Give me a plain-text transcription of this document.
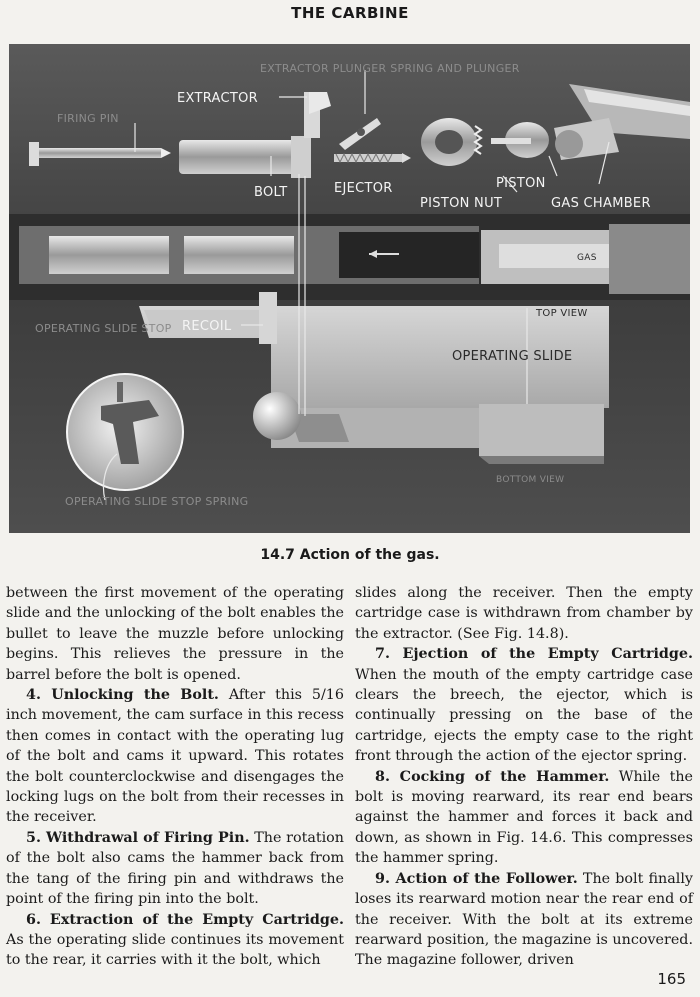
THE CARBINE
EXTRACTOR PLUNGER SPRING AND PLUNGER
EXTRACTOR
FIRING PIN
BOLT	EJECTOR	PISTON
PISTON NUT	GAS CHAMBER
GAS
RECOIL
OPERATING SLIDE STOP
TOP VIEW
OPERATING SLIDE
BOTTOM VIEW
OPERATING SLIDE STOP SPRING
14.7 Action of the gas.

between the first movement of the operating slide and the unlocking of the bolt enables the bullet to leave the muzzle before unlocking begins. This relieves the pressure in the barrel before the bolt is opened.

4. Unlocking the Bolt. After this 5/16 inch movement, the cam surface in this recess then comes in contact with the operating lug of the bolt and cams it upward. This rotates the bolt counterclockwise and disengages the locking lugs on the bolt from their recesses in the receiver.

5. Withdrawal of Firing Pin. The rotation of the bolt also cams the hammer back from the tang of the firing pin and withdraws the point of the firing pin into the bolt.

6. Extraction of the Empty Cartridge. As the operating slide continues its movement to the rear, it carries with it the bolt, which

slides along the receiver. Then the empty cartridge case is withdrawn from chamber by the extractor. (See Fig. 14.8).

7. Ejection of the Empty Cartridge. When the mouth of the empty cartridge case clears the breech, the ejector, which is continually pressing on the base of the cartridge, ejects the empty case to the right front through the action of the ejector spring.

8. Cocking of the Hammer. While the bolt is moving rearward, its rear end bears against the hammer and forces it back and down, as shown in Fig. 14.6. This compresses the hammer spring.

9. Action of the Follower. The bolt finally loses its rearward motion near the rear end of the receiver. With the bolt at its extreme rearward position, the magazine is uncovered. The magazine follower, driven

165
